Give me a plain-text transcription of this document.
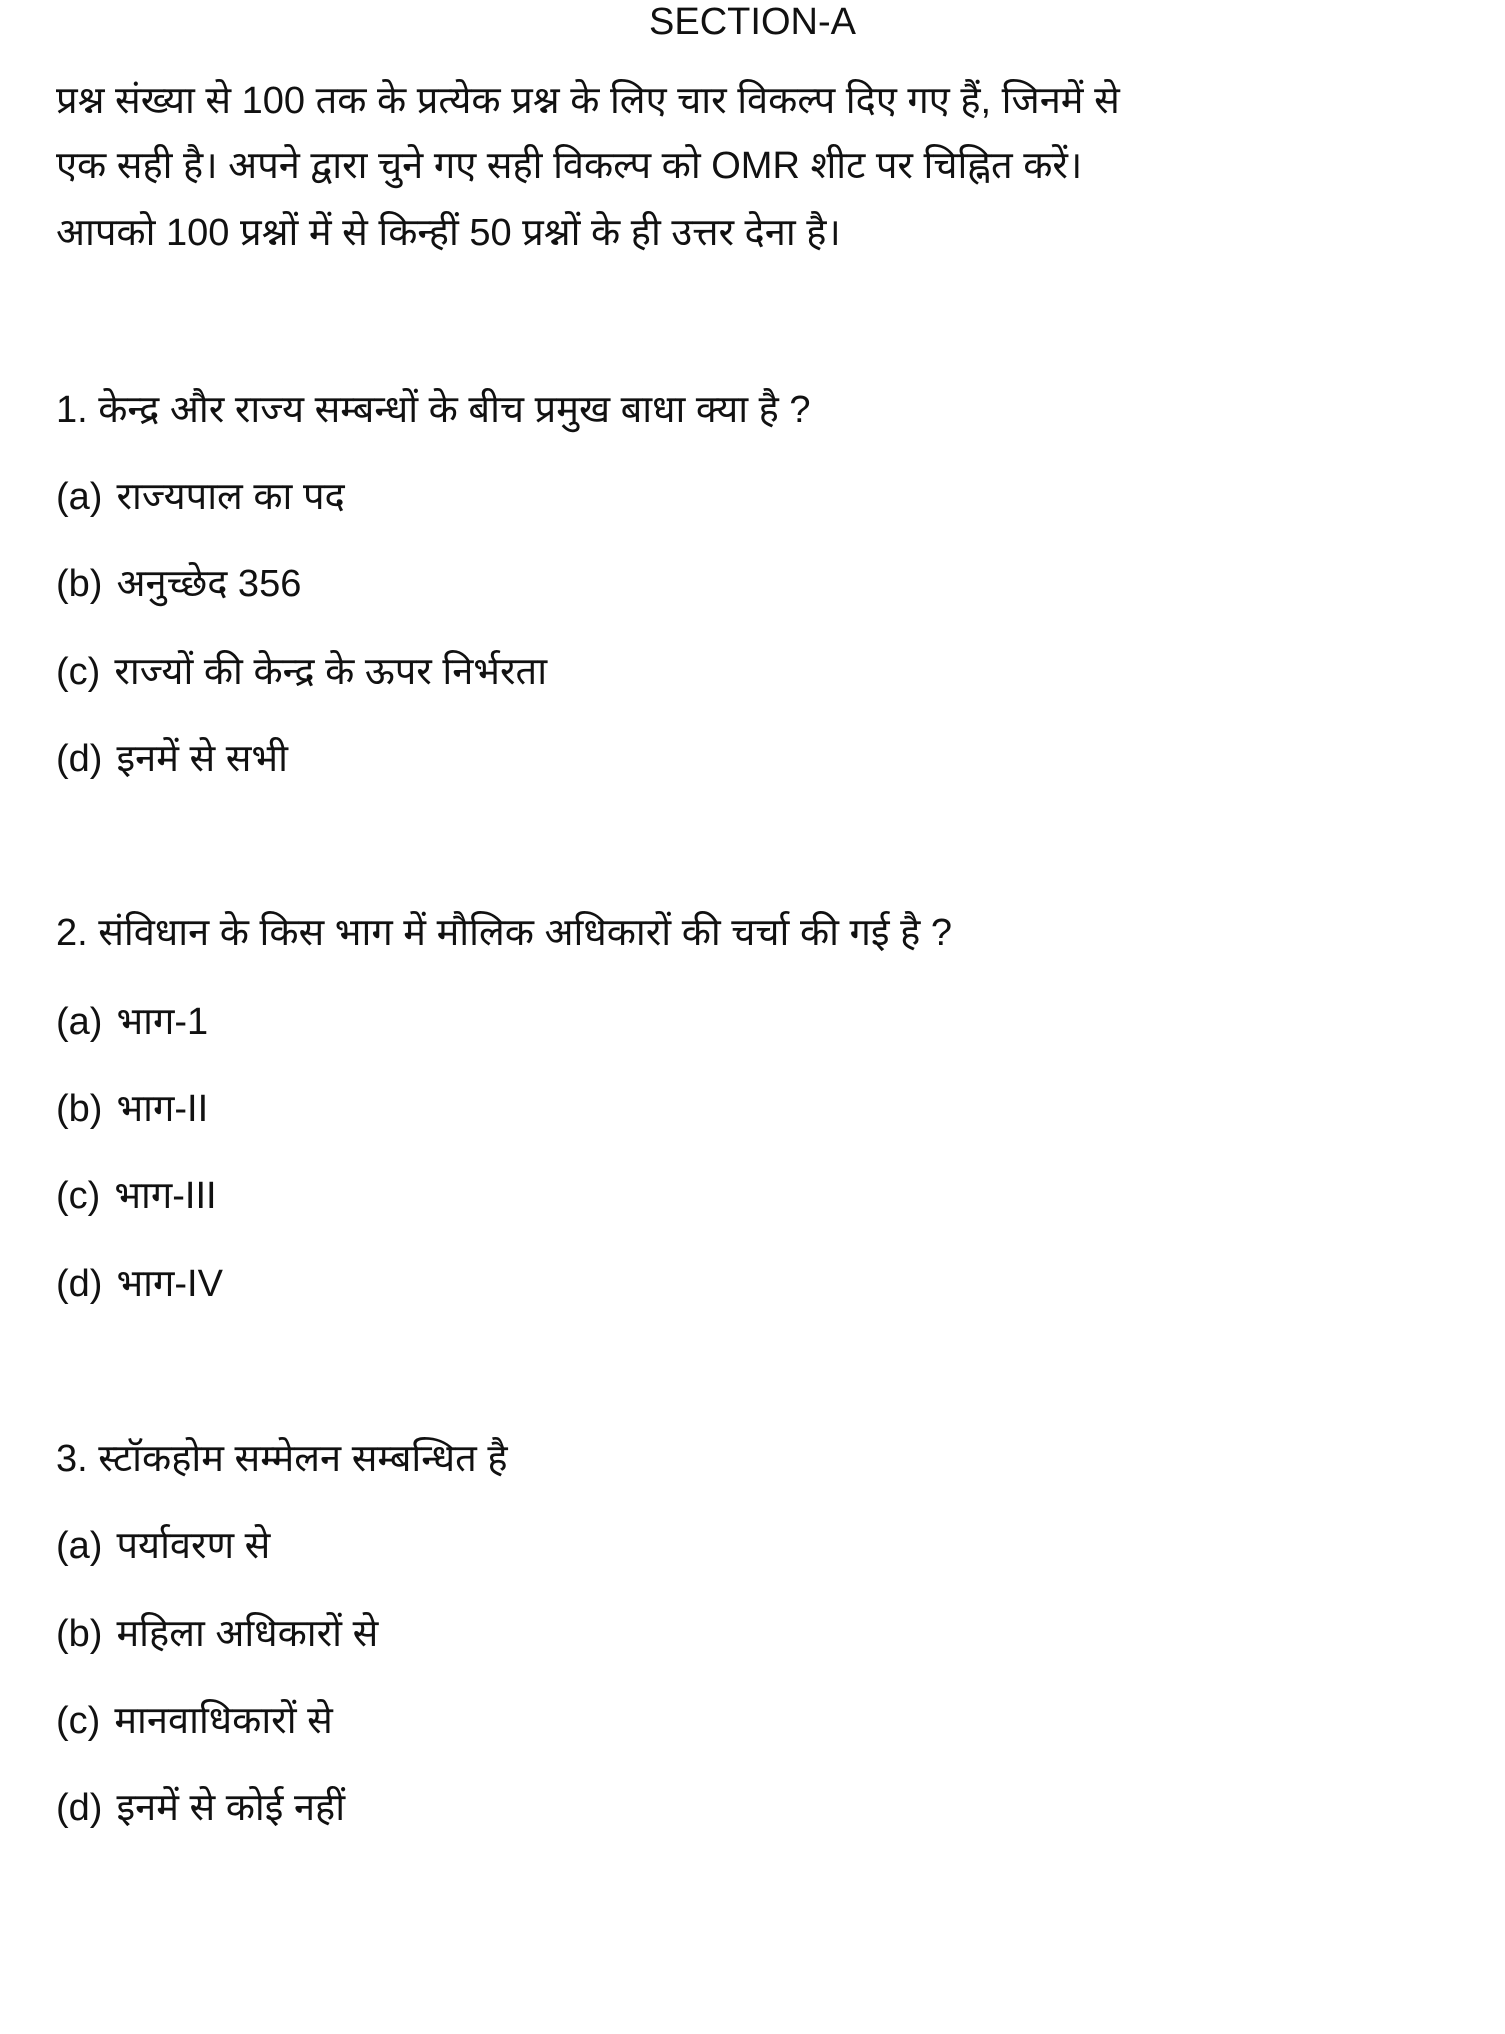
SECTION-A
प्रश्न संख्या से 100 तक के प्रत्येक प्रश्न के लिए चार विकल्प दिए गए हैं, जिनमें से
एक सही है। अपने द्वारा चुने गए सही विकल्प को OMR शीट पर चिह्नित करें।
आपको 100 प्रश्नों में से किन्हीं 50 प्रश्नों के ही उत्तर देना है।
1. केन्द्र और राज्य सम्बन्धों के बीच प्रमुख बाधा क्या है ?
(a) राज्यपाल का पद
(b) अनुच्छेद 356
(c) राज्यों की केन्द्र के ऊपर निर्भरता
(d) इनमें से सभी
2. संविधान के किस भाग में मौलिक अधिकारों की चर्चा की गई है ?
(a) भाग-1
(b) भाग-II
(c) भाग-III
(d) भाग-IV
3. स्टॉकहोम सम्मेलन सम्बन्धित है
(a) पर्यावरण से
(b) महिला अधिकारों से
(c) मानवाधिकारों से
(d) इनमें से कोई नहीं
